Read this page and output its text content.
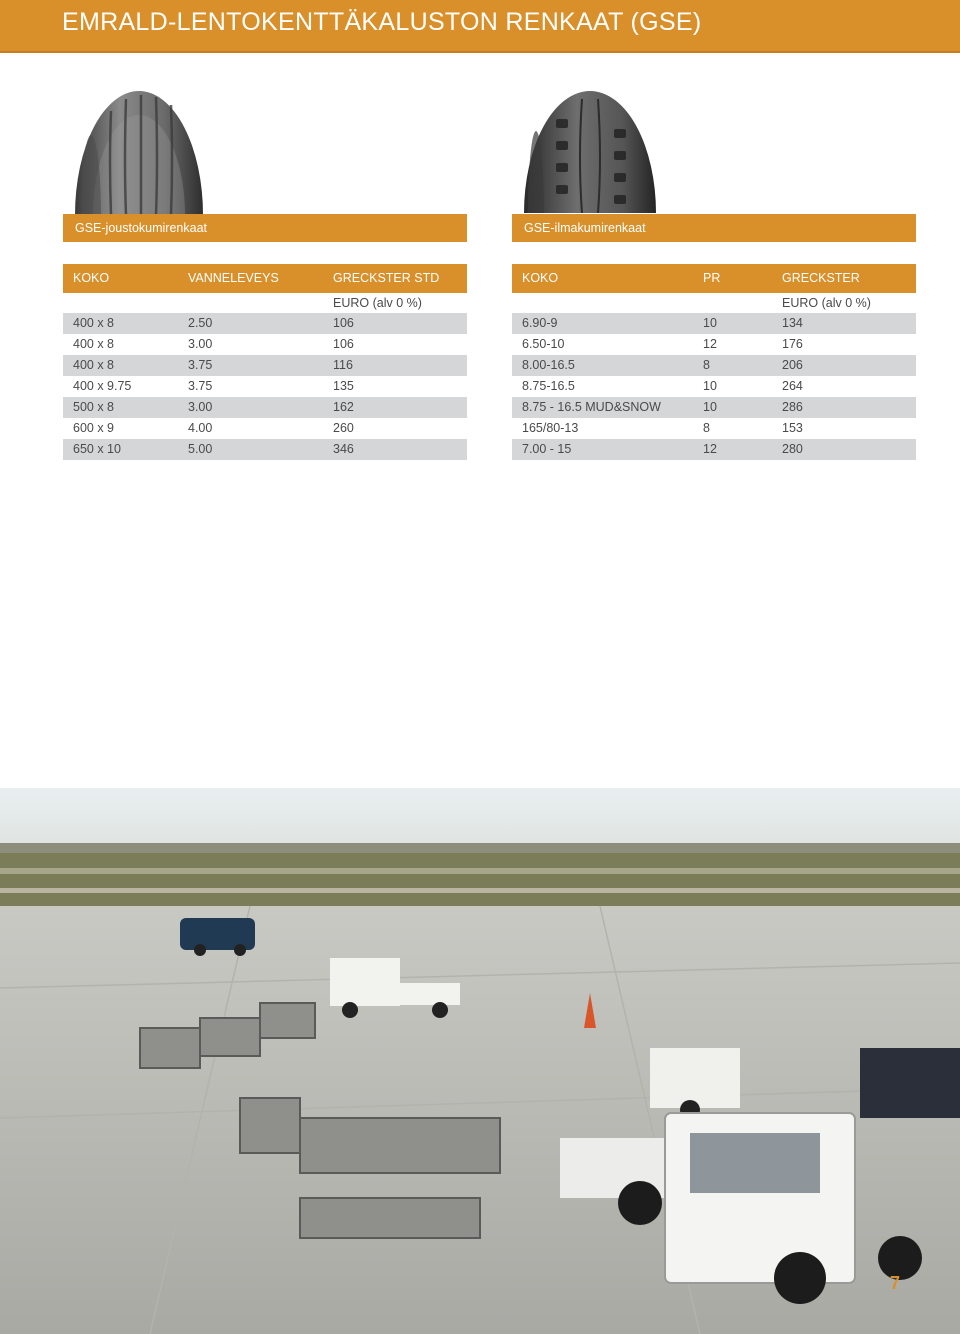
EMRALD-LENTOKENTTÄKALUSTON RENKAAT (GSE)
GSE-joustokumirenkaat
KOKO	VANNELEVEYS	GRECKSTER STD
EURO (alv 0 %)
400 x 8	2.50	106
400 x 8	3.00	106
400 x 8	3.75	116
400 x 9.75	3.75	135
500 x 8	3.00	162
600 x 9	4.00	260
650 x 10	5.00	346
GSE-ilmakumirenkaat
KOKO	PR	GRECKSTER
EURO (alv 0 %)
6.90-9	10	134
6.50-10	12	176
8.00-16.5	8	206
8.75-16.5	10	264
8.75 - 16.5 MUD&SNOW	10	286
165/80-13	8	153
7.00 - 15	12	280
7
